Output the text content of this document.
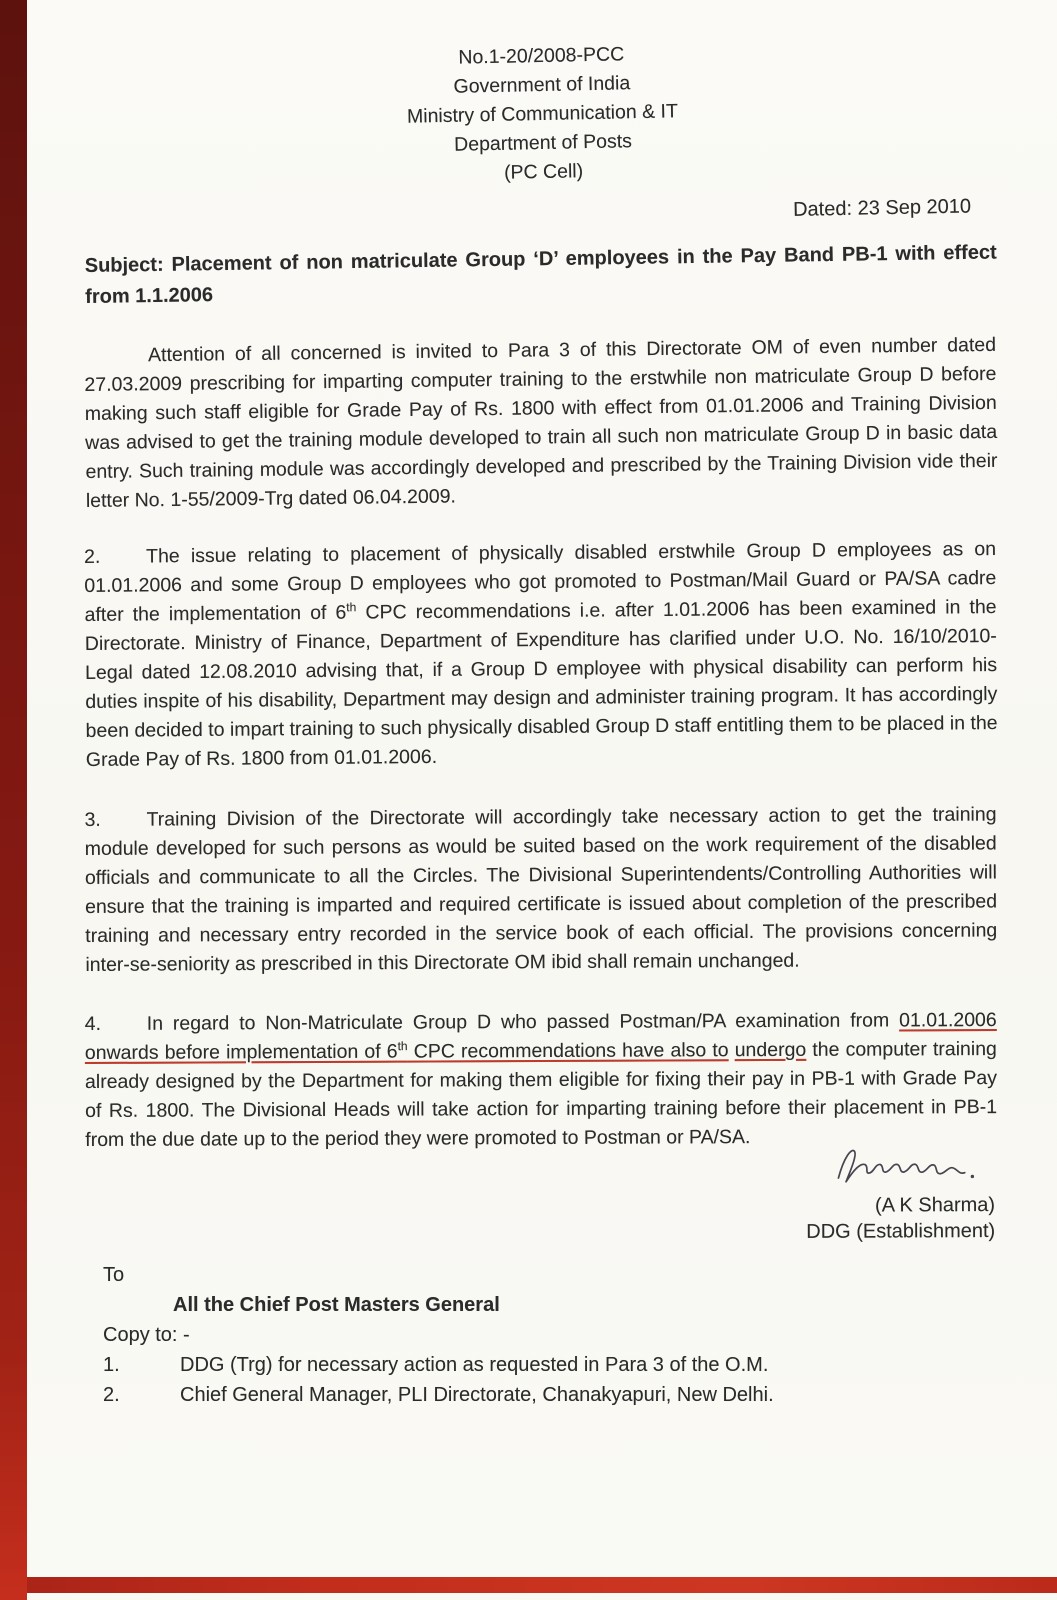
No.1-20/2008-PCC
Government of India
Ministry of Communication & IT
Department of Posts
(PC Cell)
Dated: 23 Sep 2010
Subject: Placement of non matriculate Group ‘D’ employees in the Pay Band PB-1 with effect from 1.1.2006

Attention of all concerned is invited to Para 3 of this Directorate OM of even number dated 27.03.2009 prescribing for imparting computer training to the erstwhile non matriculate Group D before making such staff eligible for Grade Pay of Rs. 1800 with effect from 01.01.2006 and Training Division was advised to get the training module developed to train all such non matriculate Group D in basic data entry. Such training module was accordingly developed and prescribed by the Training Division vide their letter No. 1-55/2009-Trg dated 06.04.2009.

2. The issue relating to placement of physically disabled erstwhile Group D employees as on 01.01.2006 and some Group D employees who got promoted to Postman/Mail Guard or PA/SA cadre after the implementation of 6th CPC recommendations i.e. after 1.01.2006 has been examined in the Directorate. Ministry of Finance, Department of Expenditure has clarified under U.O. No. 16/10/2010-Legal dated 12.08.2010 advising that, if a Group D employee with physical disability can perform his duties inspite of his disability, Department may design and administer training program. It has accordingly been decided to impart training to such physically disabled Group D staff entitling them to be placed in the Grade Pay of Rs. 1800 from 01.01.2006.

3. Training Division of the Directorate will accordingly take necessary action to get the training module developed for such persons as would be suited based on the work requirement of the disabled officials and communicate to all the Circles. The Divisional Superintendents/Controlling Authorities will ensure that the training is imparted and required certificate is issued about completion of the prescribed training and necessary entry recorded in the service book of each official. The provisions concerning inter-se-seniority as prescribed in this Directorate OM ibid shall remain unchanged.

4. In regard to Non-Matriculate Group D who passed Postman/PA examination from 01.01.2006 onwards before implementation of 6th CPC recommendations have also to undergo the computer training already designed by the Department for making them eligible for fixing their pay in PB-1 with Grade Pay of Rs. 1800. The Divisional Heads will take action for imparting training before their placement in PB-1 from the due date up to the period they were promoted to Postman or PA/SA.

(A K Sharma)
DDG (Establishment)
To
All the Chief Post Masters General
Copy to: -
1.	DDG (Trg) for necessary action as requested in Para 3 of the O.M.
2.	Chief General Manager, PLI Directorate, Chanakyapuri, New Delhi.
